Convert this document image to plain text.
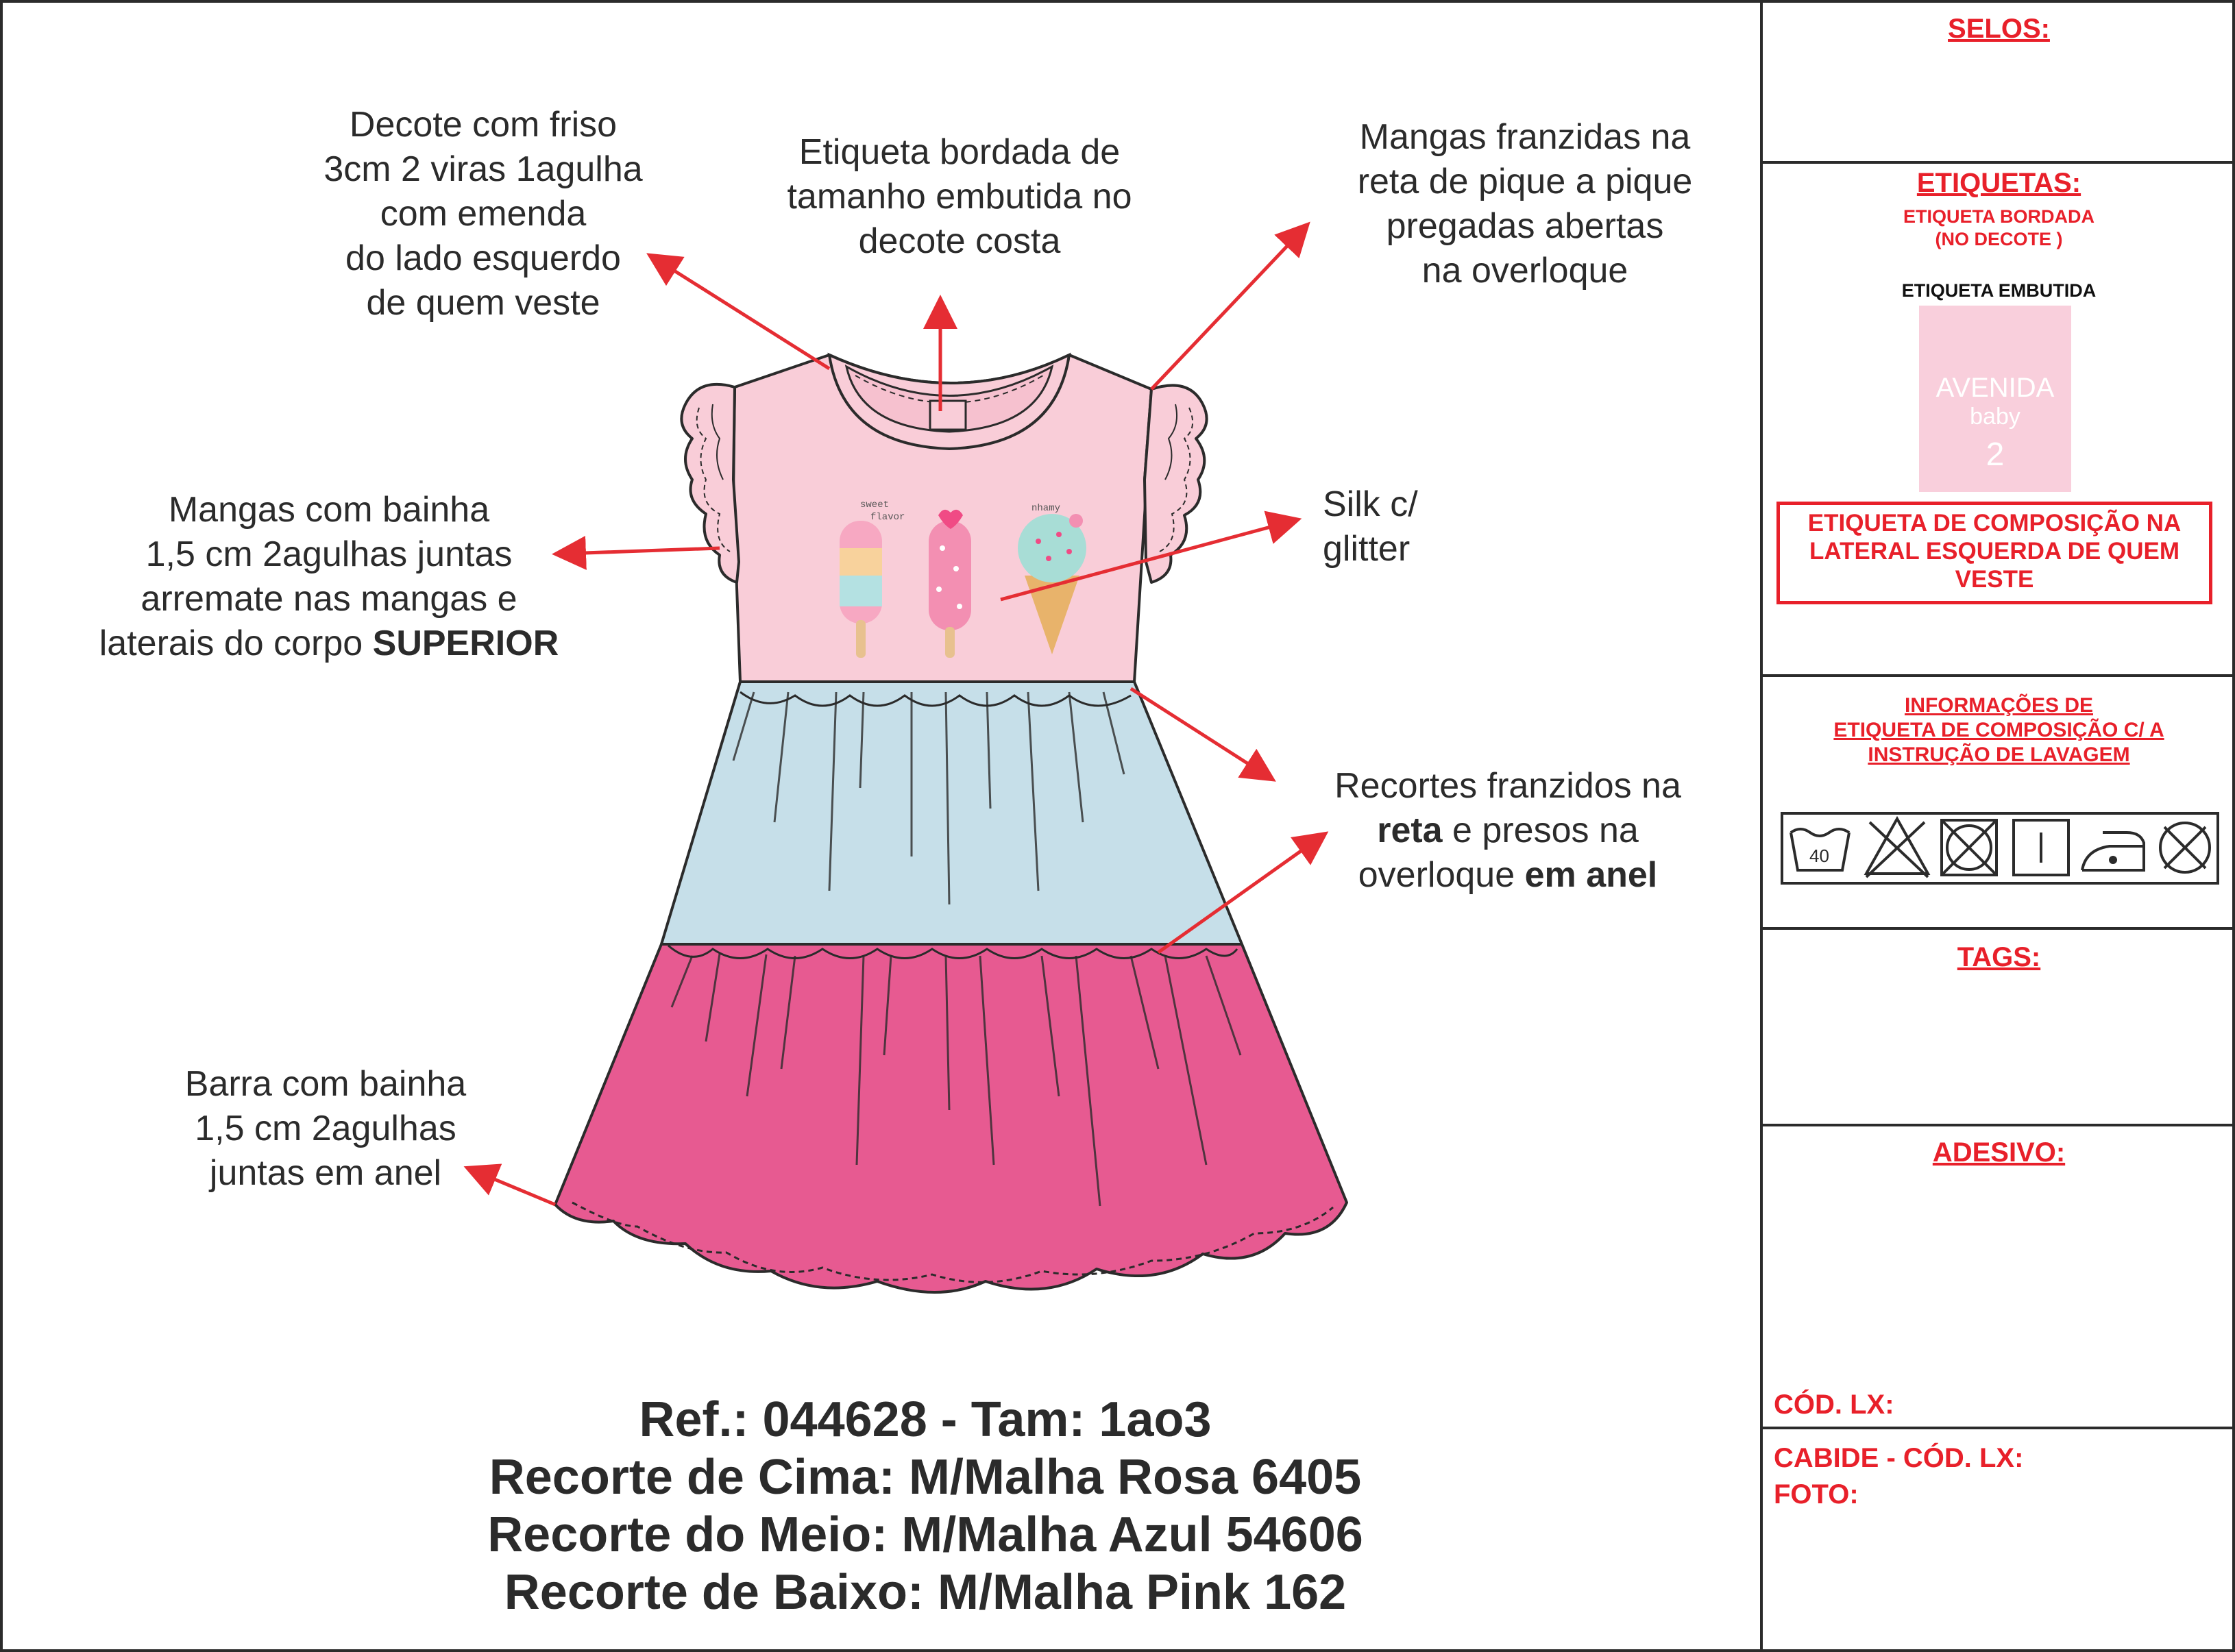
sweet
flavor
nhamy
Decote com friso
3cm 2 viras 1agulha
com emenda
do lado esquerdo
de quem veste
Etiqueta bordada de
tamanho embutida no
decote costa
Mangas franzidas na
reta de pique a pique
pregadas abertas
na overloque
Mangas com bainha
1,5 cm 2agulhas juntas
arremate nas mangas e
laterais do corpo SUPERIOR
Silk c/
glitter
Recortes franzidos na
reta e presos na
overloque em anel
Barra com bainha
1,5 cm 2agulhas
juntas em anel
Ref.: 044628 - Tam: 1ao3
Recorte de Cima: M/Malha Rosa 6405
Recorte do Meio: M/Malha Azul 54606
Recorte de Baixo: M/Malha Pink 162
SELOS:
ETIQUETAS:
ETIQUETA BORDADA
(NO DECOTE )
ETIQUETA EMBUTIDA
AVENIDA
baby
2
ETIQUETA DE COMPOSIÇÃO NA
LATERAL ESQUERDA DE QUEM
VESTE
INFORMAÇÕES DE
ETIQUETA DE COMPOSIÇÃO C/ A
INSTRUÇÃO DE LAVAGEM
40
TAGS:
ADESIVO:
CÓD. LX:
CABIDE - CÓD. LX:
FOTO:
